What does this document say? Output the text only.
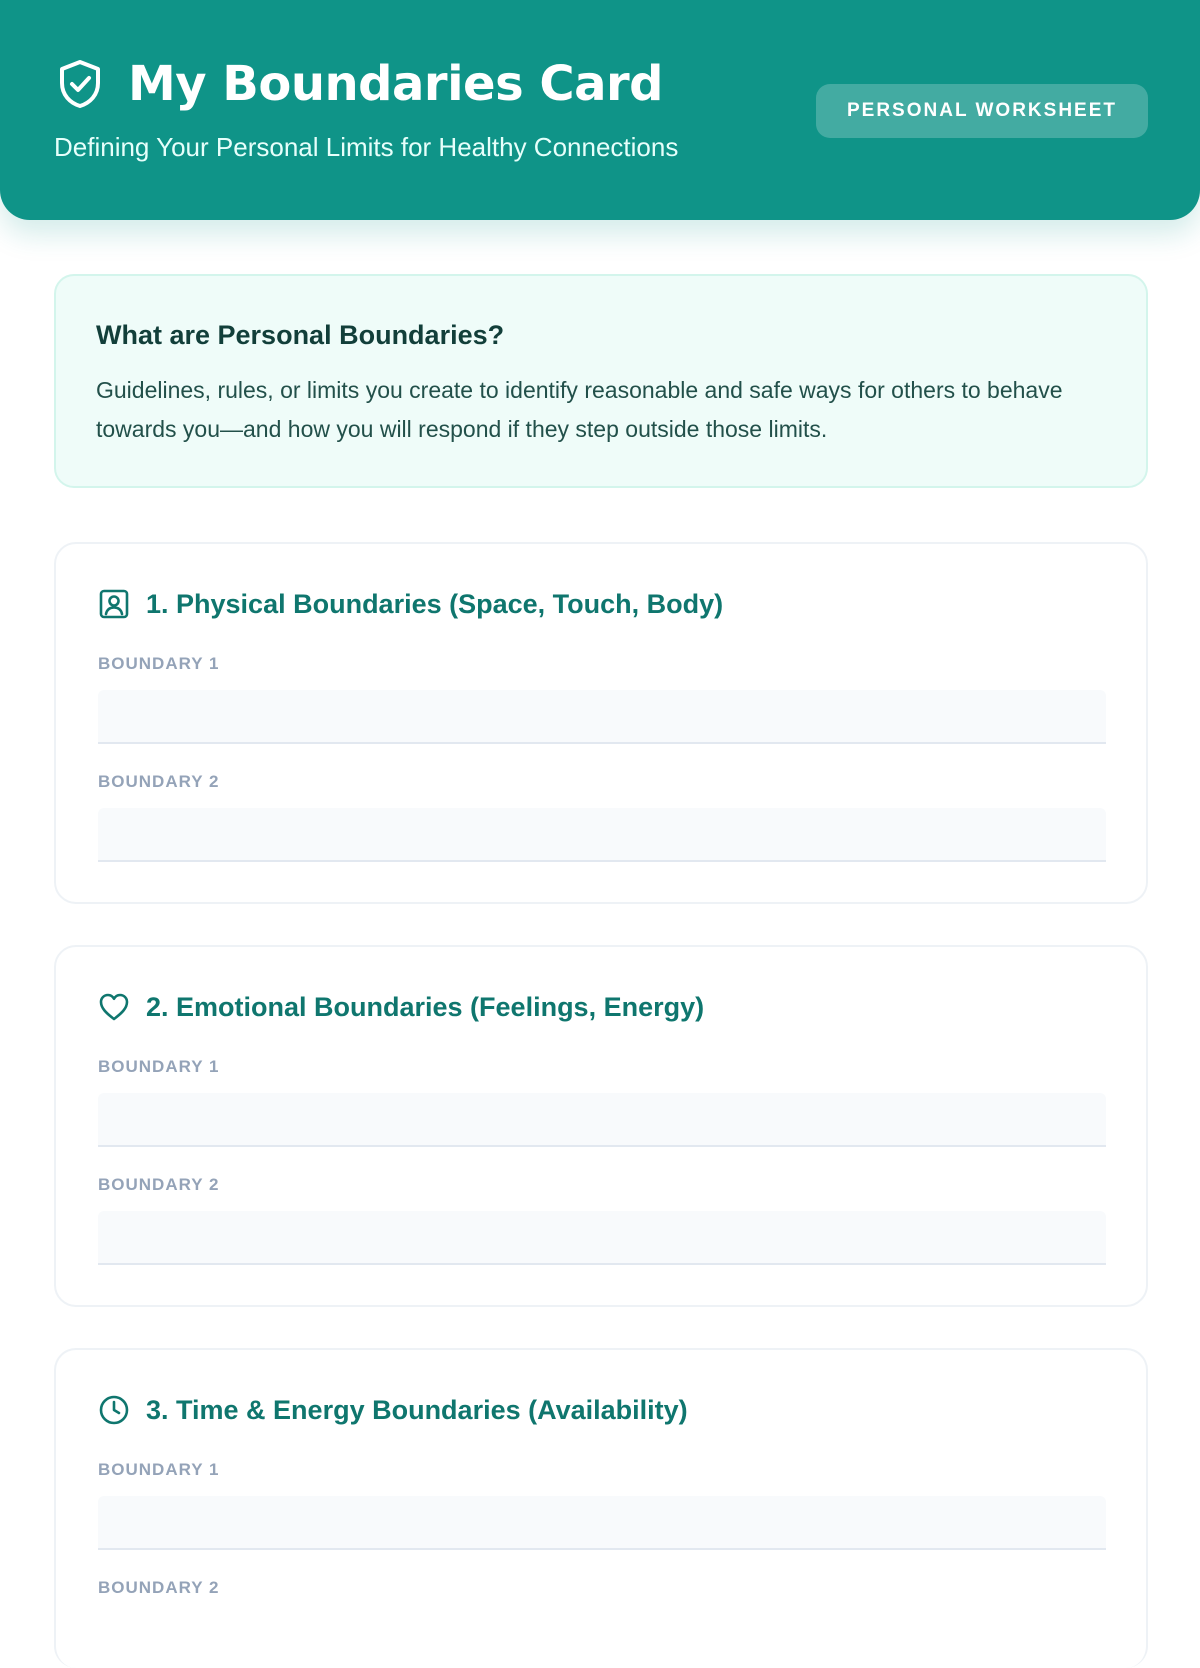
My Boundaries Card
Defining Your Personal Limits for Healthy Connections
PERSONAL WORKSHEET
What are Personal Boundaries?

Guidelines, rules, or limits you create to identify reasonable and safe ways for others to behave towards you—and how you will respond if they step outside those limits.

1. Physical Boundaries (Space, Touch, Body)
BOUNDARY 1
BOUNDARY 2
2. Emotional Boundaries (Feelings, Energy)
BOUNDARY 1
BOUNDARY 2
3. Time & Energy Boundaries (Availability)
BOUNDARY 1
BOUNDARY 2
